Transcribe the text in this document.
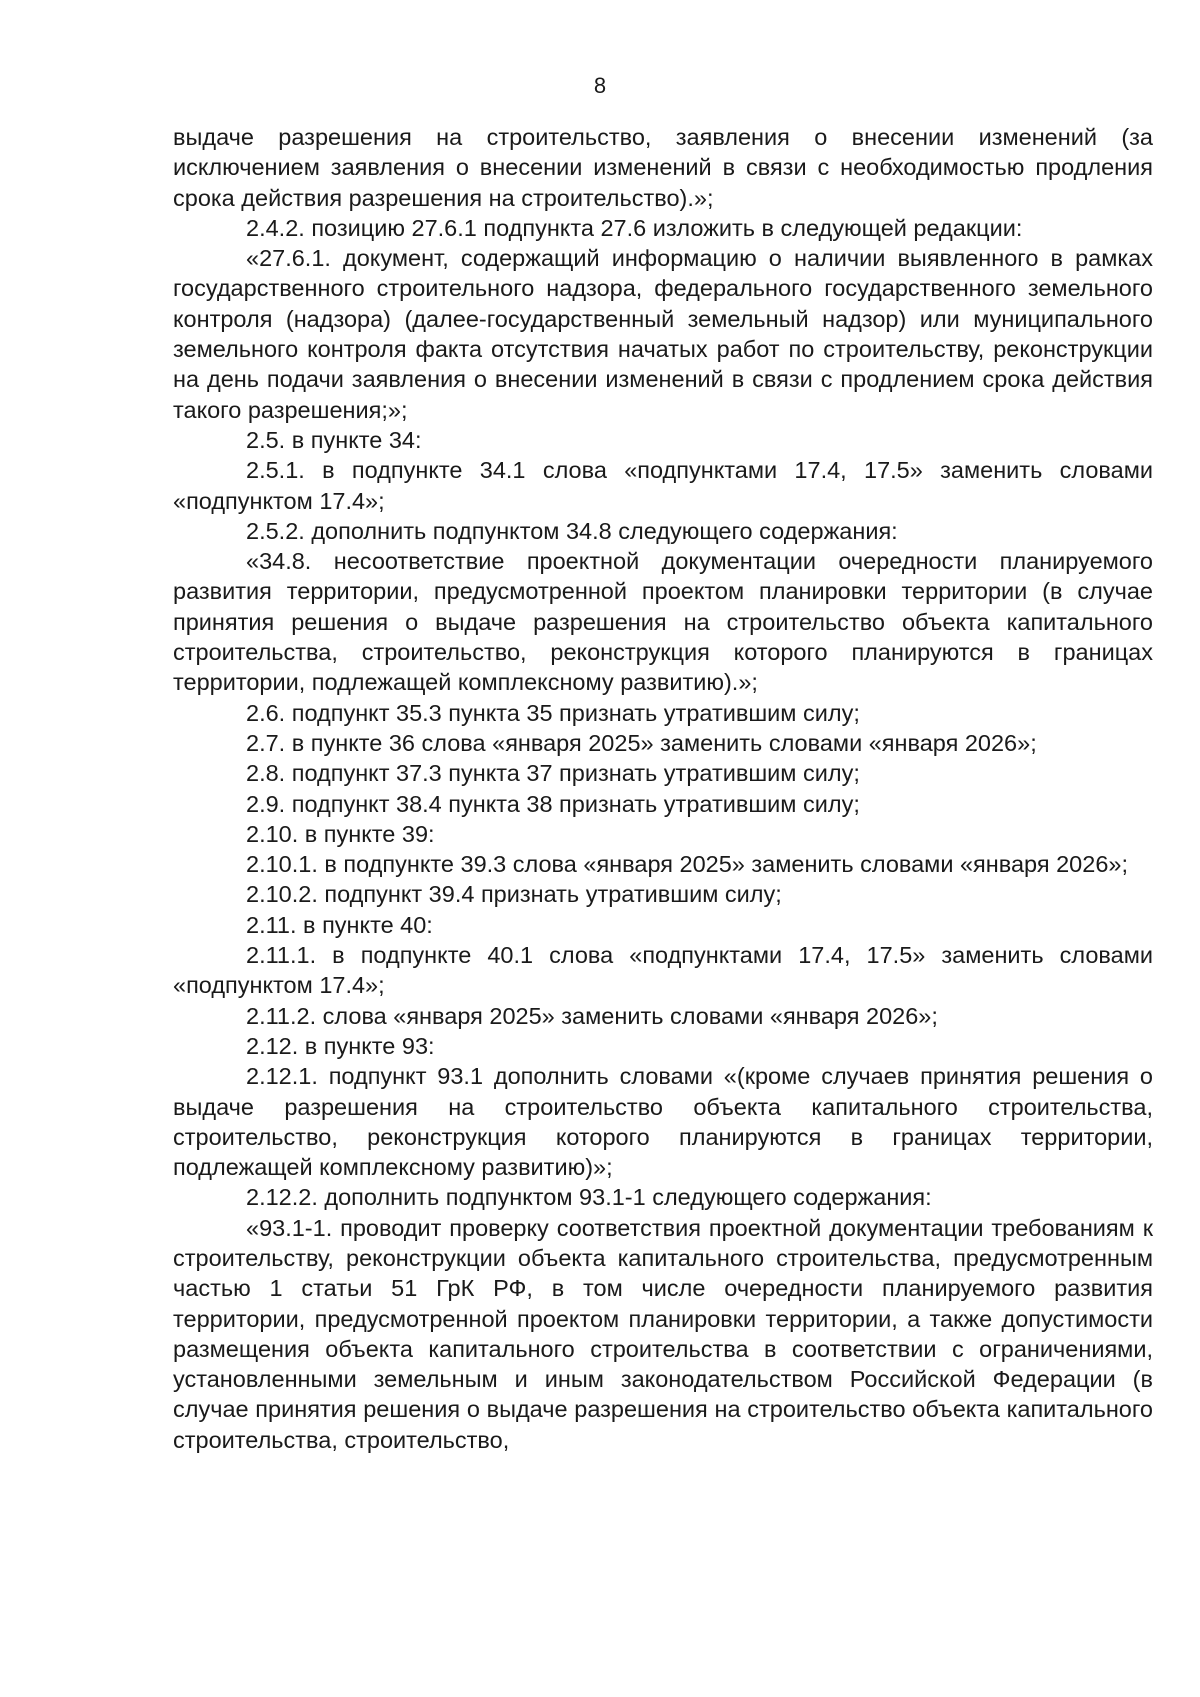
8

выдаче разрешения на строительство, заявления о внесении изменений (за исключением заявления о внесении изменений в связи с необходимостью продления срока действия разрешения на строительство).»;

2.4.2. позицию 27.6.1 подпункта 27.6 изложить в следующей редакции:

«27.6.1. документ, содержащий информацию о наличии выявленного в рамках государственного строительного надзора, федерального государственного земельного контроля (надзора) (далее-государственный земельный надзор) или муниципального земельного контроля факта отсутствия начатых работ по строительству, реконструкции на день подачи заявления о внесении изменений в связи с продлением срока действия такого разрешения;»;

2.5. в пункте 34:

2.5.1. в подпункте 34.1 слова «подпунктами 17.4, 17.5» заменить словами «подпунктом 17.4»;

2.5.2. дополнить подпунктом 34.8 следующего содержания:

«34.8. несоответствие проектной документации очередности планируемого развития территории, предусмотренной проектом планировки территории (в случае принятия решения о выдаче разрешения на строительство объекта капитального строительства, строительство, реконструкция которого планируются в границах территории, подлежащей комплексному развитию).»;

2.6. подпункт 35.3 пункта 35 признать утратившим силу;

2.7. в пункте 36 слова «января 2025» заменить словами «января 2026»;

2.8. подпункт 37.3 пункта 37 признать утратившим силу;

2.9. подпункт 38.4 пункта 38 признать утратившим силу;

2.10. в пункте 39:

2.10.1. в подпункте 39.3 слова «января 2025» заменить словами «января 2026»;

2.10.2. подпункт 39.4 признать утратившим силу;

2.11. в пункте 40:

2.11.1. в подпункте 40.1 слова «подпунктами 17.4, 17.5» заменить словами «подпунктом 17.4»;

2.11.2. слова «января 2025» заменить словами «января 2026»;

2.12. в пункте 93:

2.12.1. подпункт 93.1 дополнить словами «(кроме случаев принятия решения о выдаче разрешения на строительство объекта капитального строительства, строительство, реконструкция которого планируются в границах территории, подлежащей комплексному развитию)»;

2.12.2. дополнить подпунктом 93.1-1 следующего содержания:

«93.1-1. проводит проверку соответствия проектной документации требованиям к строительству, реконструкции объекта капитального строительства, предусмотренным частью 1 статьи 51 ГрК РФ, в том числе очередности планируемого развития территории, предусмотренной проектом планировки территории, а также допустимости размещения объекта капитального строительства в соответствии с ограничениями, установленными земельным и иным законодательством Российской Федерации (в случае принятия решения о выдаче разрешения на строительство объекта капитального строительства, строительство,
